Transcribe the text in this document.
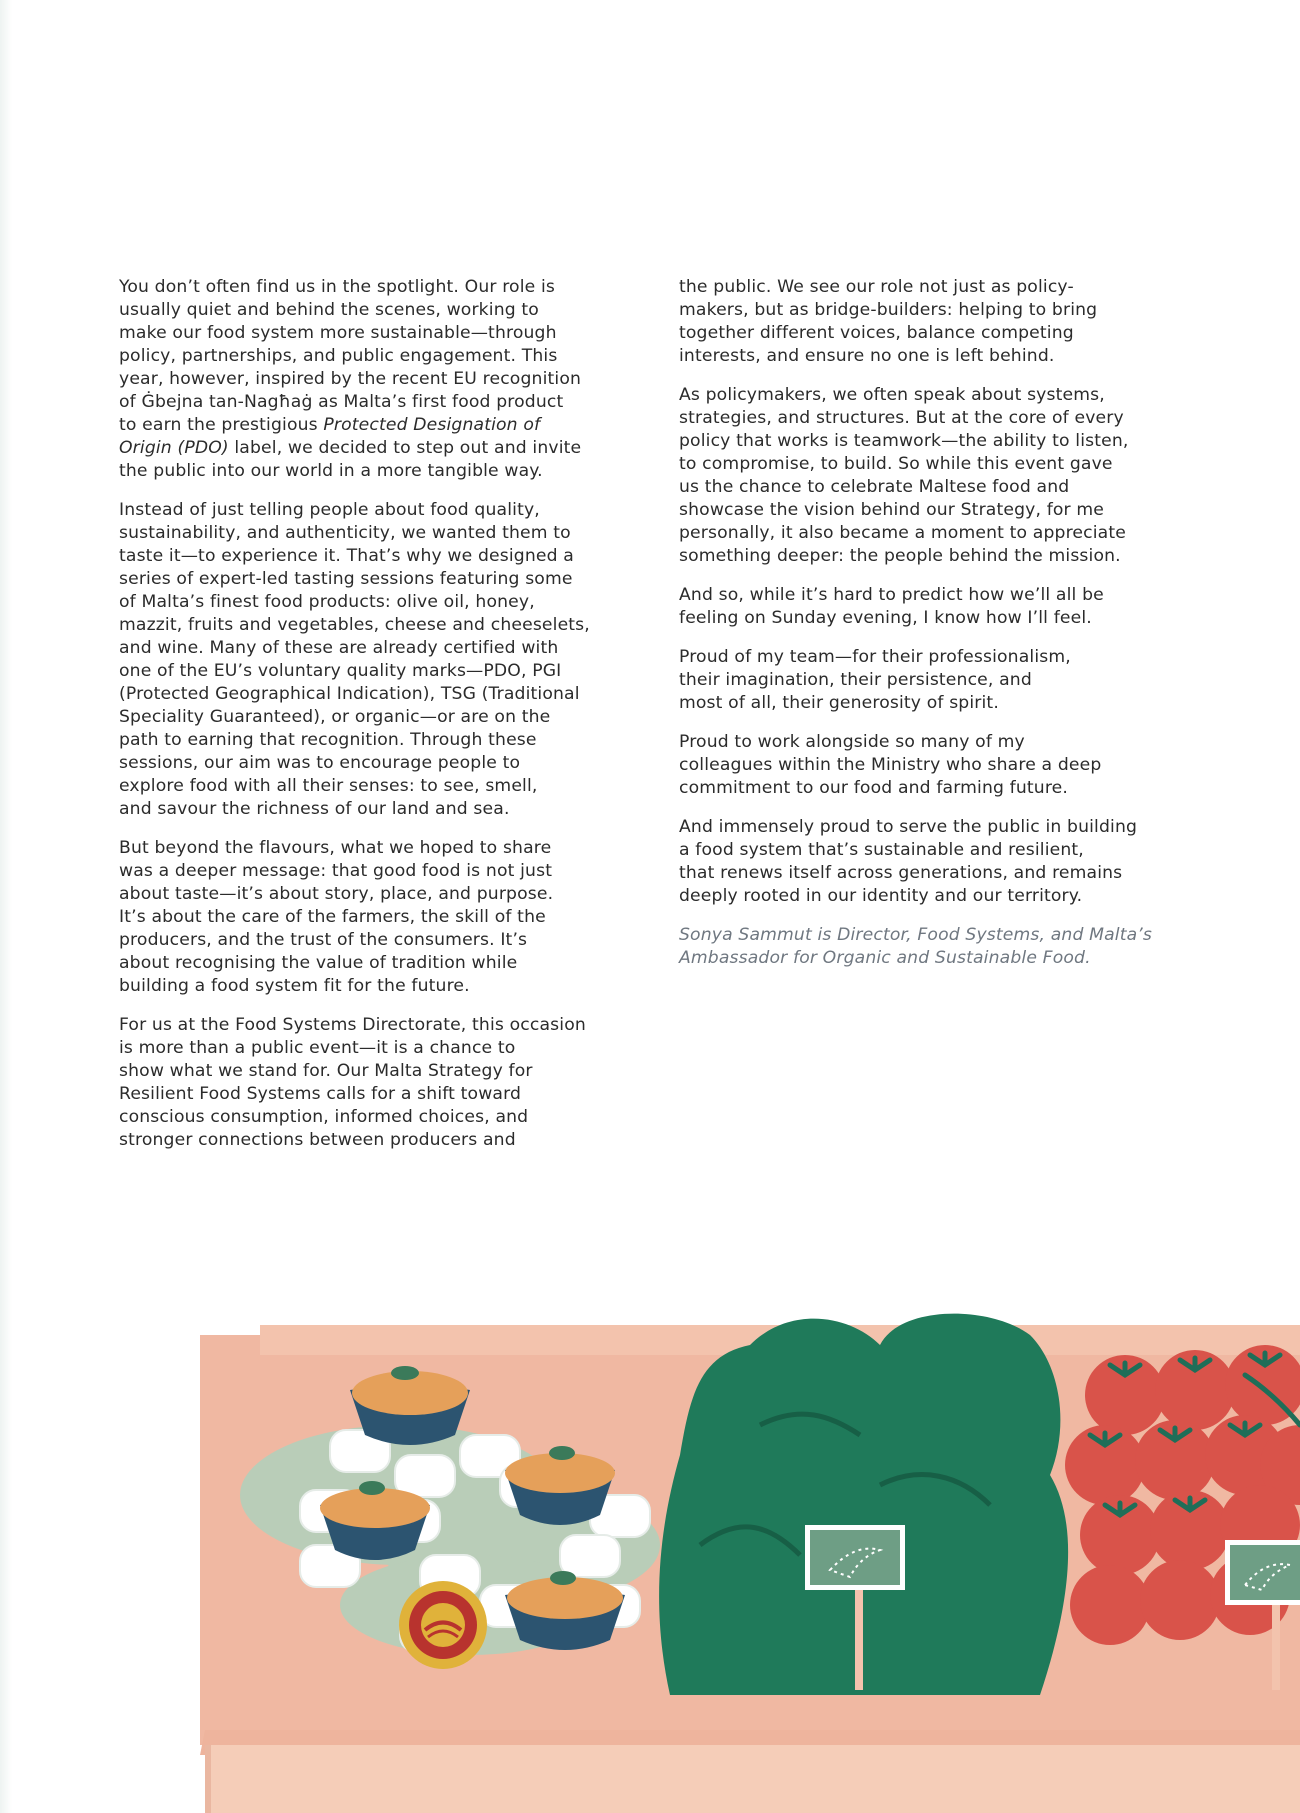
You don’t often find us in the spotlight. Our role is
usually quiet and behind the scenes, working to
make our food system more sustainable—through
policy, partnerships, and public engagement. This
year, however, inspired by the recent EU recognition
of Ġbejna tan-Nagħaġ as Malta’s first food product
to earn the prestigious Protected Designation of
Origin (PDO) label, we decided to step out and invite
the public into our world in a more tangible way.

Instead of just telling people about food quality,
sustainability, and authenticity, we wanted them to
taste it—to experience it. That’s why we designed a
series of expert-led tasting sessions featuring some
of Malta’s finest food products: olive oil, honey,
mazzit, fruits and vegetables, cheese and cheeselets,
and wine. Many of these are already certified with
one of the EU’s voluntary quality marks—PDO, PGI
(Protected Geographical Indication), TSG (Traditional
Speciality Guaranteed), or organic—or are on the
path to earning that recognition. Through these
sessions, our aim was to encourage people to
explore food with all their senses: to see, smell,
and savour the richness of our land and sea.

But beyond the flavours, what we hoped to share
was a deeper message: that good food is not just
about taste—it’s about story, place, and purpose.
It’s about the care of the farmers, the skill of the
producers, and the trust of the consumers. It’s
about recognising the value of tradition while
building a food system fit for the future.

For us at the Food Systems Directorate, this occasion
is more than a public event—it is a chance to
show what we stand for. Our Malta Strategy for
Resilient Food Systems calls for a shift toward
conscious consumption, informed choices, and
stronger connections between producers and

the public. We see our role not just as policy-
makers, but as bridge-builders: helping to bring
together different voices, balance competing
interests, and ensure no one is left behind.

As policymakers, we often speak about systems,
strategies, and structures. But at the core of every
policy that works is teamwork—the ability to listen,
to compromise, to build. So while this event gave
us the chance to celebrate Maltese food and
showcase the vision behind our Strategy, for me
personally, it also became a moment to appreciate
something deeper: the people behind the mission.

And so, while it’s hard to predict how we’ll all be
feeling on Sunday evening, I know how I’ll feel.

Proud of my team—for their professionalism,
their imagination, their persistence, and
most of all, their generosity of spirit.

Proud to work alongside so many of my
colleagues within the Ministry who share a deep
commitment to our food and farming future.

And immensely proud to serve the public in building
a food system that’s sustainable and resilient,
that renews itself across generations, and remains
deeply rooted in our identity and our territory.

Sonya Sammut is Director, Food Systems, and Malta’s
Ambassador for Organic and Sustainable Food.
